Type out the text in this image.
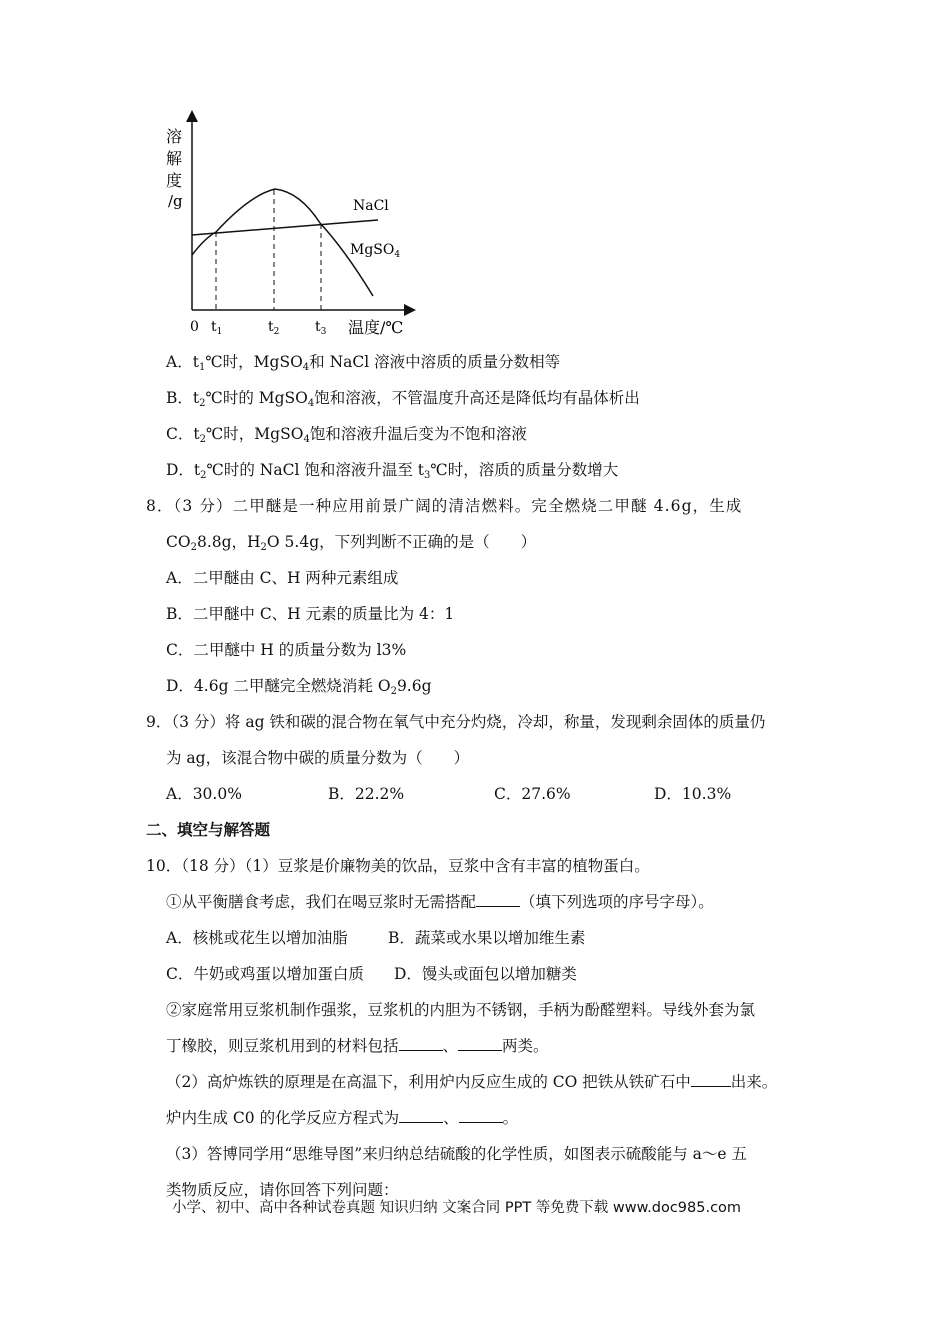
溶
解
度
/g	NaCl
MgSO$_4$
0 $t_1$	$t_2$	$t_3$ 温度/℃
A．$t_1℃$时，MgSO$_4$和 NaCl 溶液中溶质的质量分数相等
B．$t_2℃$时的 MgSO$_4$饱和溶液，不管温度升高还是降低均有晶体析出
C．$t_2℃$时，MgSO$_4$饱和溶液升温后变为不饱和溶液
D．$t_2℃$时的 NaCl 饱和溶液升温至 $t_3℃$时，溶质的质量分数增大
8．（3 分）二甲醚是一种应用前景广阔的清洁燃料。完全燃烧二甲醚 4.6g，生成
$CO_28.8g$，$H_2O$ 5.4g，下列判断不正确的是（　　）
A．二甲醚由 C、H 两种元素组成
B．二甲醚中 C、H 元素的质量比为 4：1
C．二甲醚中 H 的质量分数为 l3%
D．4.6g 二甲醚完全燃烧消耗 $O_29.6g$
9．（3 分）将 ag 铁和碳的混合物在氧气中充分灼烧，冷却，称量，发现剩余固体的质量仍
为 ag，该混合物中碳的质量分数为（　　）
A．30.0%	B．22.2%	C．27.6%	D．10.3%
二、填空与解答题
10．（18 分）（1）豆浆是价廉物美的饮品，豆浆中含有丰富的植物蛋白。
①从平衡膳食考虑，我们在喝豆浆时无需搭配	（填下列选项的序号字母）。
A．核桃或花生以增加油脂	B．蔬菜或水果以增加维生素
C．牛奶或鸡蛋以增加蛋白质 D．馒头或面包以增加糖类
②家庭常用豆浆机制作强浆，豆浆机的内胆为不锈钢，手柄为酚醛塑料。导线外套为氯
丁橡胶，则豆浆机用到的材料包括	、	两类。
（2）高炉炼铁的原理是在高温下，利用炉内反应生成的 CO 把铁从铁矿石中	出来。
炉内生成 C0 的化学反应方程式为	、	。
（3）答博同学用“思维导图”来归纳总结硫酸的化学性质，如图表示硫酸能与 a～e 五
类物质反应，请你回答下列问题：
小学、初中、高中各种试卷真题 知识归纳 文案合同 PPT 等免费下载 www.doc985.com
